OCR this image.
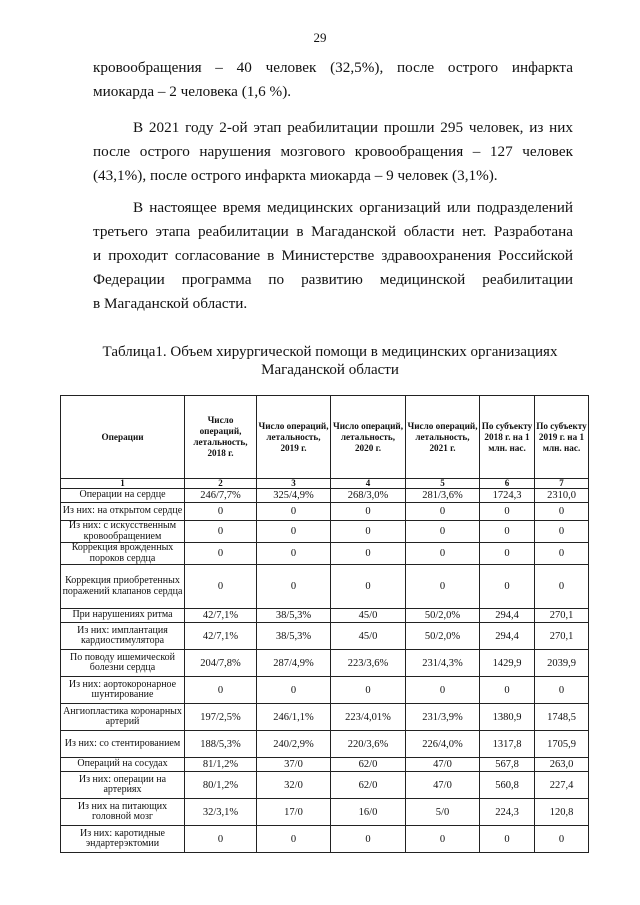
29

кровообращения – 40 человек (32,5%), после острого инфаркта
миокарда – 2 человека (1,6 %).

В 2021 году 2-ой этап реабилитации прошли 295 человек, из них
после острого нарушения мозгового кровообращения – 127 человек
(43,1%), после острого инфаркта миокарда – 9 человек (3,1%).

В настоящее время медицинских организаций или подразделений
третьего этапа реабилитации в Магаданской области нет. Разработана
и проходит согласование в Министерстве здравоохранения Российской
Федерации программа по развитию медицинской реабилитации
в Магаданской области.

Таблица1. Объем хирургической помощи в медицинских организациях
Магаданской области
Операции	Число операций, летальность, 2018 г.	Число операций, летальность, 2019 г.	Число операций, летальность, 2020 г.	Число операций, летальность, 2021 г.	По субъекту 2018 г. на 1 млн. нас.	По субъекту 2019 г. на 1 млн. нас.
1	2	3	4	5	6	7
Операции на сердце	246/7,7%	325/4,9%	268/3,0%	281/3,6%	1724,3	2310,0
Из них: на открытом сердце	0	0	0	0	0	0
Из них: с искусственным кровообращением	0	0	0	0	0	0
Коррекция врожденных пороков сердца	0	0	0	0	0	0
Коррекция приобретенных поражений клапанов сердца	0	0	0	0	0	0
При нарушениях ритма	42/7,1%	38/5,3%	45/0	50/2,0%	294,4	270,1
Из них: имплантация кардиостимулятора	42/7,1%	38/5,3%	45/0	50/2,0%	294,4	270,1
По поводу ишемической болезни сердца	204/7,8%	287/4,9%	223/3,6%	231/4,3%	1429,9	2039,9
Из них: аортокоронарное шунтирование	0	0	0	0	0	0
Ангиопластика коронарных артерий	197/2,5%	246/1,1%	223/4,01%	231/3,9%	1380,9	1748,5
Из них: со стентированием	188/5,3%	240/2,9%	220/3,6%	226/4,0%	1317,8	1705,9
Операций на сосудах	81/1,2%	37/0	62/0	47/0	567,8	263,0
Из них: операции на артериях	80/1,2%	32/0	62/0	47/0	560,8	227,4
Из них на питающих головной мозг	32/3,1%	17/0	16/0	5/0	224,3	120,8
Из них: каротидные эндартерэктомии	0	0	0	0	0	0
